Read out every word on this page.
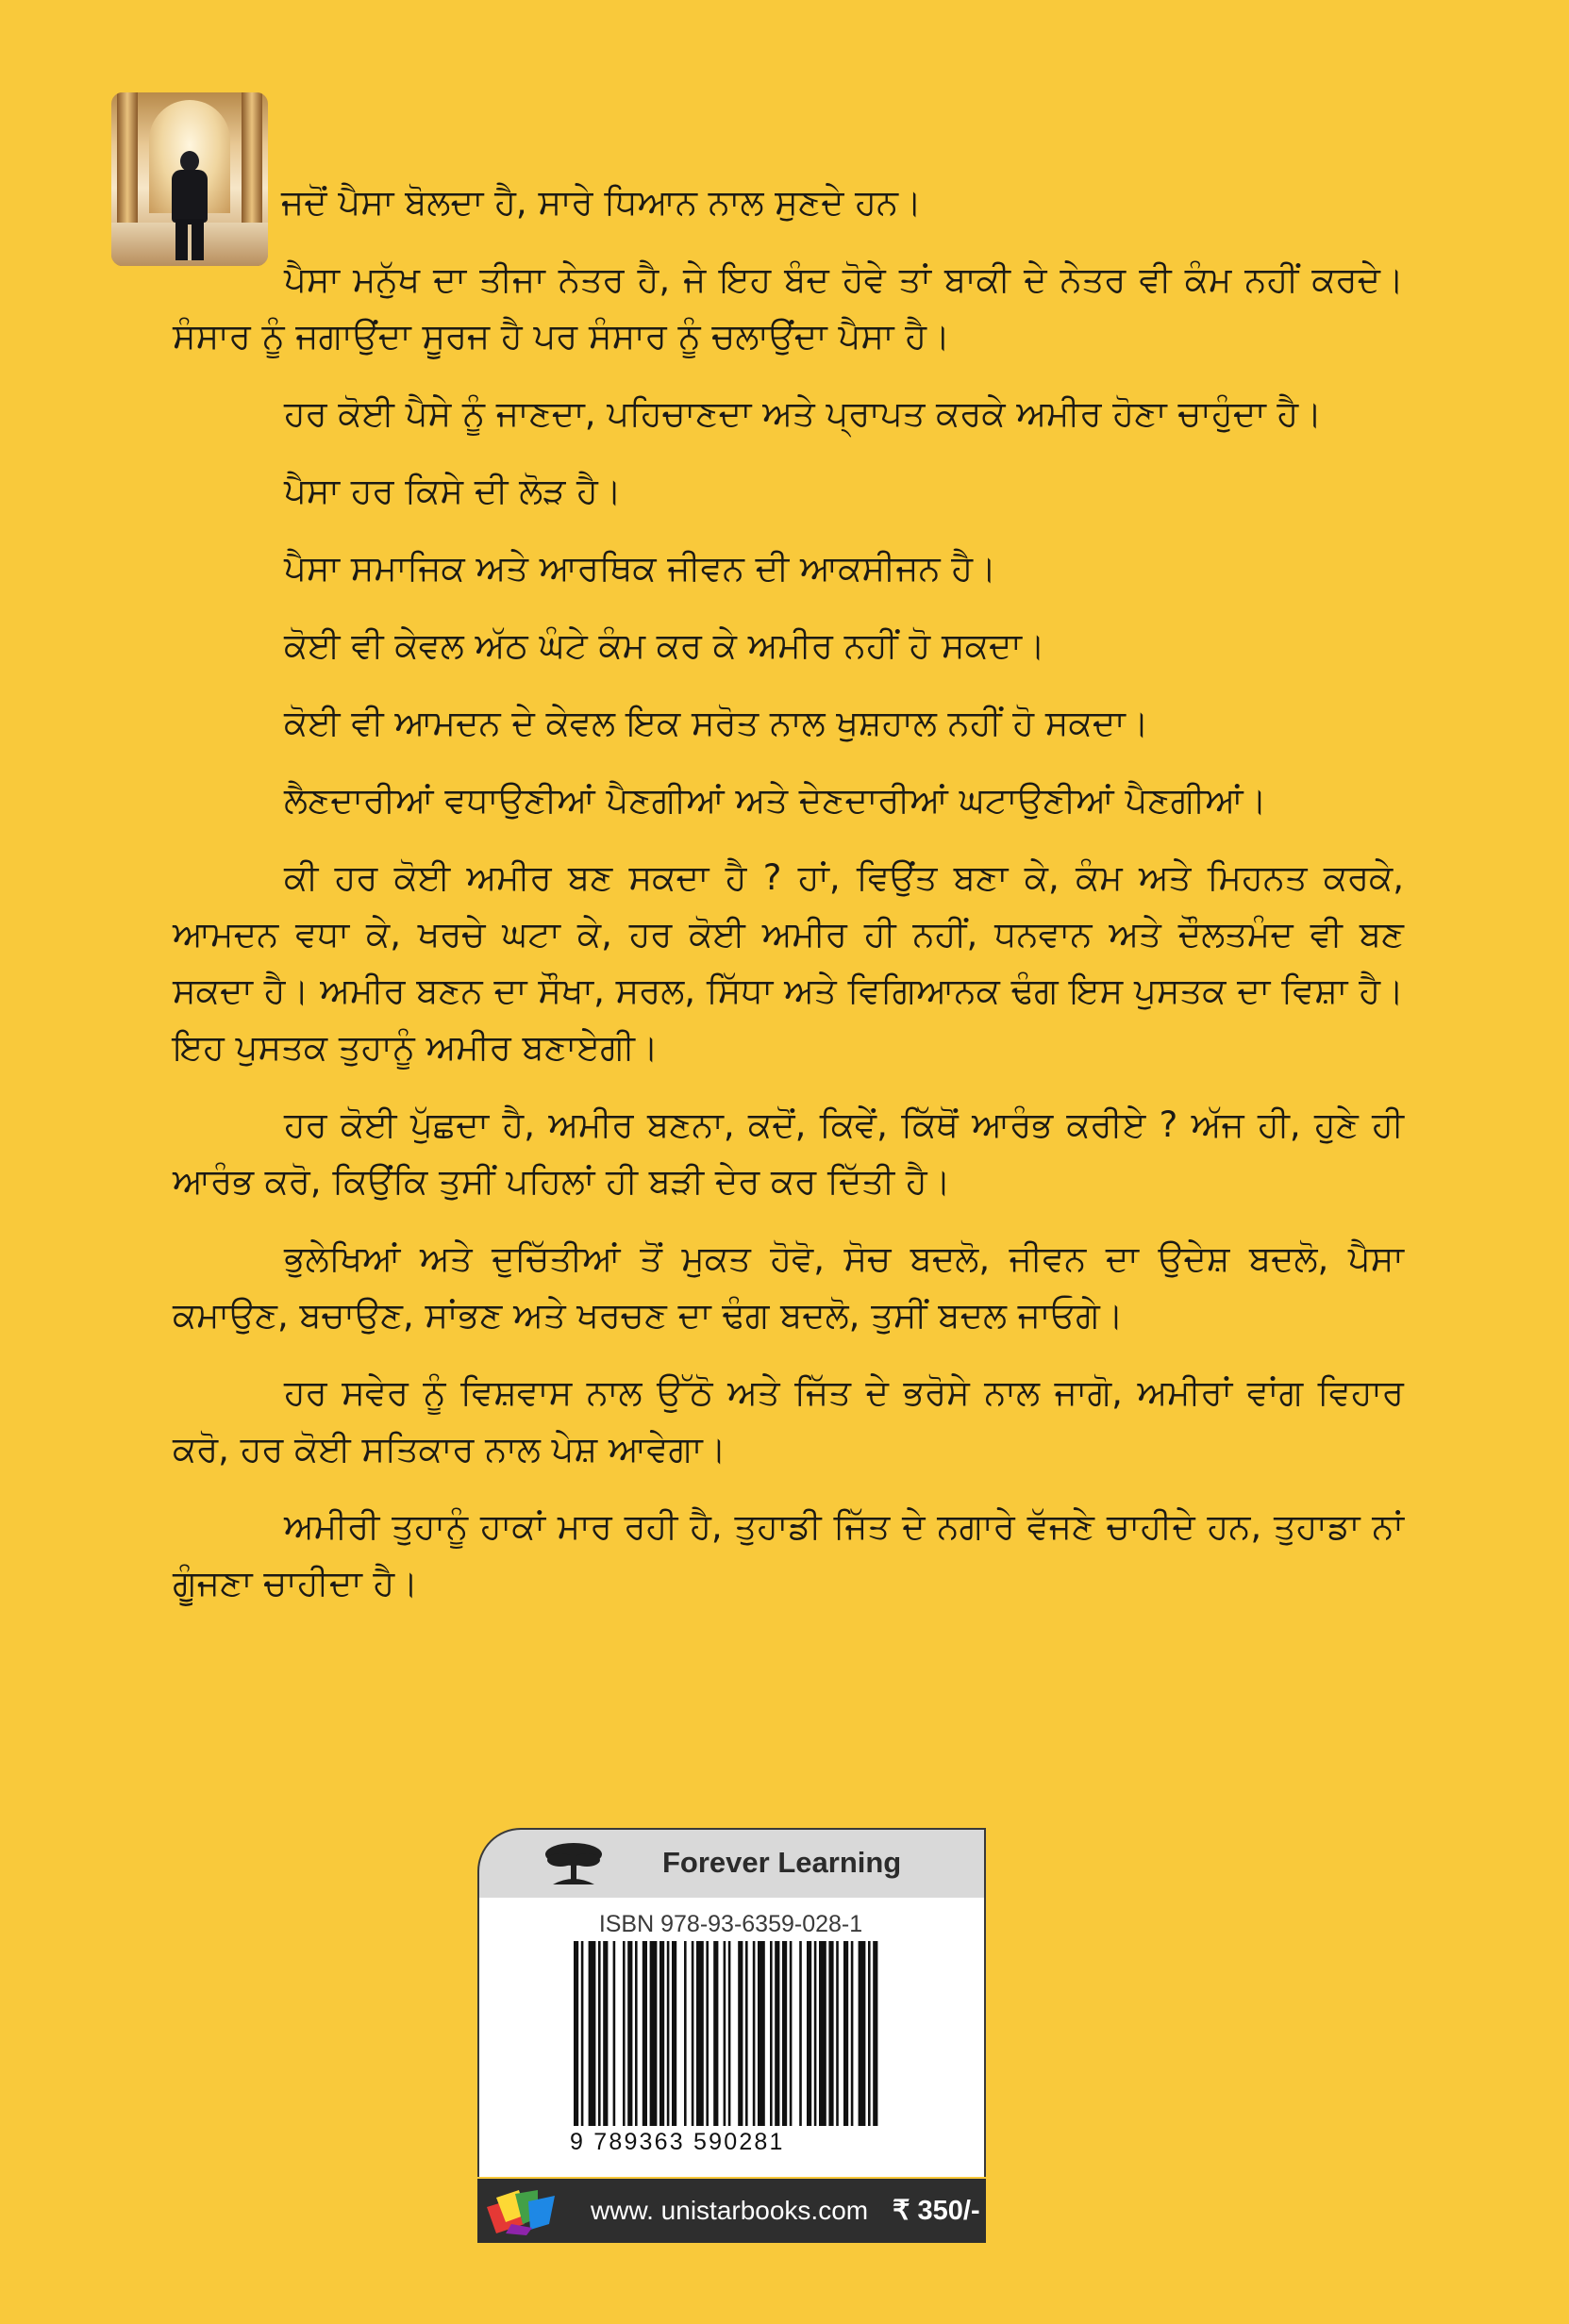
ਜਦੋਂ ਪੈਸਾ ਬੋਲਦਾ ਹੈ, ਸਾਰੇ ਧਿਆਨ ਨਾਲ ਸੁਣਦੇ ਹਨ।

ਪੈਸਾ ਮਨੁੱਖ ਦਾ ਤੀਜਾ ਨੇਤਰ ਹੈ, ਜੇ ਇਹ ਬੰਦ ਹੋਵੇ ਤਾਂ ਬਾਕੀ ਦੇ ਨੇਤਰ ਵੀ ਕੰਮ ਨਹੀਂ ਕਰਦੇ। ਸੰਸਾਰ ਨੂੰ ਜਗਾਉਂਦਾ ਸੂਰਜ ਹੈ ਪਰ ਸੰਸਾਰ ਨੂੰ ਚਲਾਉਂਦਾ ਪੈਸਾ ਹੈ।

ਹਰ ਕੋਈ ਪੈਸੇ ਨੂੰ ਜਾਣਦਾ, ਪਹਿਚਾਣਦਾ ਅਤੇ ਪ੍ਰਾਪਤ ਕਰਕੇ ਅਮੀਰ ਹੋਣਾ ਚਾਹੁੰਦਾ ਹੈ।

ਪੈਸਾ ਹਰ ਕਿਸੇ ਦੀ ਲੋੜ ਹੈ।

ਪੈਸਾ ਸਮਾਜਿਕ ਅਤੇ ਆਰਥਿਕ ਜੀਵਨ ਦੀ ਆਕਸੀਜਨ ਹੈ।

ਕੋਈ ਵੀ ਕੇਵਲ ਅੱਠ ਘੰਟੇ ਕੰਮ ਕਰ ਕੇ ਅਮੀਰ ਨਹੀਂ ਹੋ ਸਕਦਾ।

ਕੋਈ ਵੀ ਆਮਦਨ ਦੇ ਕੇਵਲ ਇਕ ਸਰੋਤ ਨਾਲ ਖੁਸ਼ਹਾਲ ਨਹੀਂ ਹੋ ਸਕਦਾ।

ਲੈਣਦਾਰੀਆਂ ਵਧਾਉਣੀਆਂ ਪੈਣਗੀਆਂ ਅਤੇ ਦੇਣਦਾਰੀਆਂ ਘਟਾਉਣੀਆਂ ਪੈਣਗੀਆਂ।

ਕੀ ਹਰ ਕੋਈ ਅਮੀਰ ਬਣ ਸਕਦਾ ਹੈ ? ਹਾਂ, ਵਿਉਂਤ ਬਣਾ ਕੇ, ਕੰਮ ਅਤੇ ਮਿਹਨਤ ਕਰਕੇ, ਆਮਦਨ ਵਧਾ ਕੇ, ਖਰਚੇ ਘਟਾ ਕੇ, ਹਰ ਕੋਈ ਅਮੀਰ ਹੀ ਨਹੀਂ, ਧਨਵਾਨ ਅਤੇ ਦੌਲਤਮੰਦ ਵੀ ਬਣ ਸਕਦਾ ਹੈ। ਅਮੀਰ ਬਣਨ ਦਾ ਸੌਖਾ, ਸਰਲ, ਸਿੱਧਾ ਅਤੇ ਵਿਗਿਆਨਕ ਢੰਗ ਇਸ ਪੁਸਤਕ ਦਾ ਵਿਸ਼ਾ ਹੈ। ਇਹ ਪੁਸਤਕ ਤੁਹਾਨੂੰ ਅਮੀਰ ਬਣਾਏਗੀ।

ਹਰ ਕੋਈ ਪੁੱਛਦਾ ਹੈ, ਅਮੀਰ ਬਣਨਾ, ਕਦੋਂ, ਕਿਵੇਂ, ਕਿੱਥੋਂ ਆਰੰਭ ਕਰੀਏ ? ਅੱਜ ਹੀ, ਹੁਣੇ ਹੀ ਆਰੰਭ ਕਰੋ, ਕਿਉਂਕਿ ਤੁਸੀਂ ਪਹਿਲਾਂ ਹੀ ਬੜੀ ਦੇਰ ਕਰ ਦਿੱਤੀ ਹੈ।

ਭੁਲੇਖਿਆਂ ਅਤੇ ਦੁਚਿੱਤੀਆਂ ਤੋਂ ਮੁਕਤ ਹੋਵੋ, ਸੋਚ ਬਦਲੋ, ਜੀਵਨ ਦਾ ਉਦੇਸ਼ ਬਦਲੋ, ਪੈਸਾ ਕਮਾਉਣ, ਬਚਾਉਣ, ਸਾਂਭਣ ਅਤੇ ਖਰਚਣ ਦਾ ਢੰਗ ਬਦਲੋ, ਤੁਸੀਂ ਬਦਲ ਜਾਓਗੇ।

ਹਰ ਸਵੇਰ ਨੂੰ ਵਿਸ਼ਵਾਸ ਨਾਲ ਉੱਠੋ ਅਤੇ ਜਿੱਤ ਦੇ ਭਰੋਸੇ ਨਾਲ ਜਾਗੋ, ਅਮੀਰਾਂ ਵਾਂਗ ਵਿਹਾਰ ਕਰੋ, ਹਰ ਕੋਈ ਸਤਿਕਾਰ ਨਾਲ ਪੇਸ਼ ਆਵੇਗਾ।

ਅਮੀਰੀ ਤੁਹਾਨੂੰ ਹਾਕਾਂ ਮਾਰ ਰਹੀ ਹੈ, ਤੁਹਾਡੀ ਜਿੱਤ ਦੇ ਨਗਾਰੇ ਵੱਜਣੇ ਚਾਹੀਦੇ ਹਨ, ਤੁਹਾਡਾ ਨਾਂ ਗੂੰਜਣਾ ਚਾਹੀਦਾ ਹੈ।

Forever Learning
ISBN 978-93-6359-028-1
9 789363 590281
www. unistarbooks.com ₹ 350/-
